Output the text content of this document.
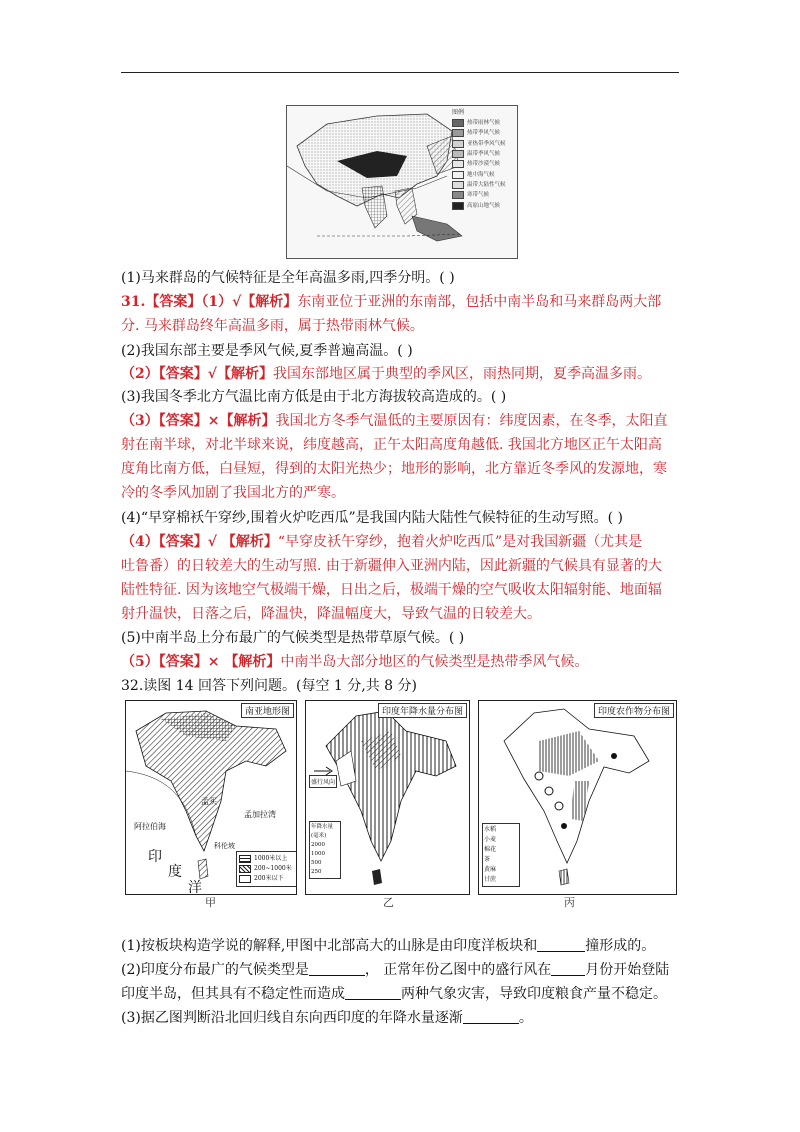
图例
热带雨林气候
热带季风气候
亚热带季风气候
温带季风气候
热带沙漠气候
地中海气候
温带大陆性气候
寒带气候
高原山地气候
(1)马来群岛的气候特征是全年高温多雨,四季分明。( )
31.【答案】（1）√【解析】东南亚位于亚洲的东南部，包括中南半岛和马来群岛两大部
分. 马来群岛终年高温多雨，属于热带雨林气候。
(2)我国东部主要是季风气候,夏季普遍高温。( )
（2）【答案】√【解析】我国东部地区属于典型的季风区，雨热同期，夏季高温多雨。
(3)我国冬季北方气温比南方低是由于北方海拔较高造成的。( )
（3）【答案】×【解析】我国北方冬季气温低的主要原因有：纬度因素，在冬季，太阳直
射在南半球，对北半球来说，纬度越高，正午太阳高度角越低. 我国北方地区正午太阳高
度角比南方低，白昼短，得到的太阳光热少；地形的影响，北方靠近冬季风的发源地，寒
冷的冬季风加剧了我国北方的严寒。
(4)“早穿棉袄午穿纱,围着火炉吃西瓜”是我国内陆大陆性气候特征的生动写照。( )
（4）【答案】√ 【解析】“早穿皮袄午穿纱，抱着火炉吃西瓜”是对我国新疆（尤其是
吐鲁番）的日较差大的生动写照. 由于新疆伸入亚洲内陆，因此新疆的气候具有显著的大
陆性特征. 因为该地空气极端干燥，日出之后，极端干燥的空气吸收太阳辐射能、地面辐
射升温快，日落之后，降温快，降温幅度大，导致气温的日较差大。
(5)中南半岛上分布最广的气候类型是热带草原气候。( )
（5）【答案】× 【解析】中南半岛大部分地区的气候类型是热带季风气候。
32.读图 14 回答下列问题。(每空 1 分,共 8 分)
南亚地形图
孟买
阿拉伯海
孟加拉湾
印
度
洋
科伦坡
1000米以上
200~1000米
200米以下
印度年降水量分布图
盛行风向
年降水量(毫米)
2000
1000
500
250
印度农作物分布图
水稻
小麦
棉花
茶
黄麻
甘蔗
甲	乙	丙
(1)按板块构造学说的解释,甲图中北部高大的山脉是由印度洋板块和	撞形成的。
(2)印度分布最广的气候类型是	， 正常年份乙图中的盛行风在 月份开始登陆
印度半岛，但其具有不稳定性而造成	两种气象灾害，导致印度粮食产量不稳定。
(3)据乙图判断沿北回归线自东向西印度的年降水量逐渐	。
